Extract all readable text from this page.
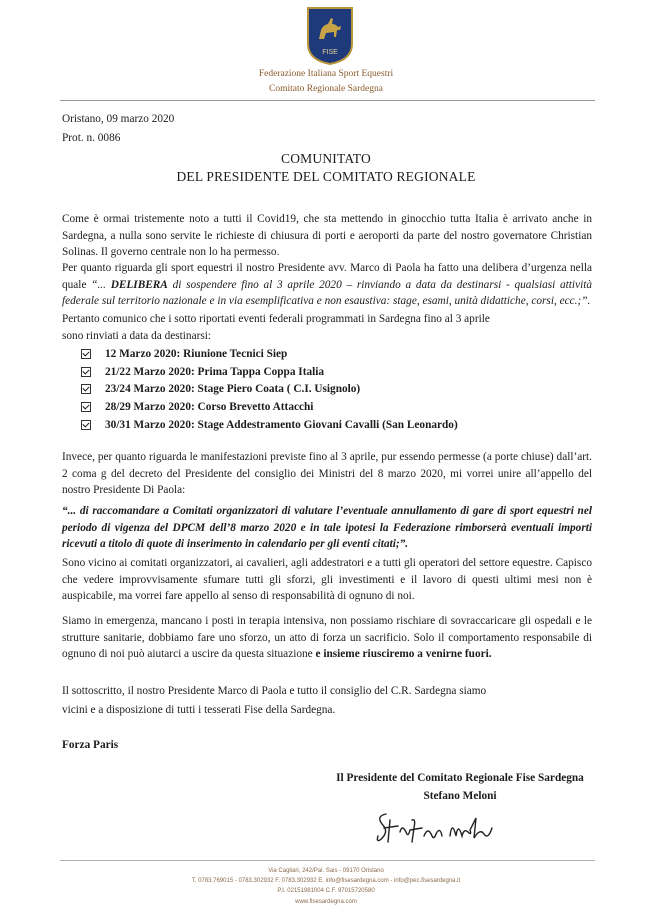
FISE
Federazione Italiana Sport Equestri
Comitato Regionale Sardegna
Oristano, 09 marzo 2020
Prot. n. 0086
COMUNITATO
DEL PRESIDENTE DEL COMITATO REGIONALE

Come è ormai tristemente noto a tutti il Covid19, che sta mettendo in ginocchio tutta Italia è arrivato anche in Sardegna, a nulla sono servite le richieste di chiusura di porti e aeroporti da parte del nostro governatore Christian Solinas. Il governo centrale non lo ha permesso.

Per quanto riguarda gli sport equestri il nostro Presidente avv. Marco di Paola ha fatto una delibera d’urgenza nella quale “... DELIBERA di sospendere fino al 3 aprile 2020 – rinviando a data da destinarsi - qualsiasi attività federale sul territorio nazionale e in via esemplificativa e non esaustiva: stage, esami, unità didattiche, corsi, ecc.;”.

Pertanto comunico che i sotto riportati eventi federali programmati in Sardegna fino al 3 aprile
sono rinviati a data da destinarsi:
12 Marzo 2020: Riunione Tecnici Siep
21/22 Marzo 2020: Prima Tappa Coppa Italia
23/24 Marzo 2020: Stage Piero Coata ( C.I. Usignolo)
28/29 Marzo 2020: Corso Brevetto Attacchi
30/31 Marzo 2020: Stage Addestramento Giovani Cavalli (San Leonardo)

Invece, per quanto riguarda le manifestazioni previste fino al 3 aprile, pur essendo permesse (a porte chiuse) dall’art. 2 coma g del decreto del Presidente del consiglio dei Ministri del 8 marzo 2020, mi vorrei unire all’appello del nostro Presidente Di Paola:

“... di raccomandare a Comitati organizzatori di valutare l’eventuale annullamento di gare di sport equestri nel periodo di vigenza del DPCM dell’8 marzo 2020 e in tale ipotesi la Federazione rimborserà eventuali importi ricevuti a titolo di quote di inserimento in calendario per gli eventi citati;”.

Sono vicino ai comitati organizzatori, ai cavalieri, agli addestratori e a tutti gli operatori del settore equestre. Capisco che vedere improvvisamente sfumare tutti gli sforzi, gli investimenti e il lavoro di questi ultimi mesi non è auspicabile, ma vorrei fare appello al senso di responsabilità di ognuno di noi.

Siamo in emergenza, mancano i posti in terapia intensiva, non possiamo rischiare di sovraccaricare gli ospedali e le strutture sanitarie, dobbiamo fare uno sforzo, un atto di forza un sacrificio. Solo il comportamento responsabile di ognuno di noi può aiutarci a uscire da questa situazione e insieme riusciremo a venirne fuori.

Il sottoscritto, il nostro Presidente Marco di Paola e tutto il consiglio del C.R. Sardegna siamo
vicini e a disposizione di tutti i tesserati Fise della Sardegna.
Forza Paris
Il Presidente del Comitato Regionale Fise Sardegna
Stefano Meloni
Via Cagliari, 242/Pal. Sais - 09170 Oristano
T. 0783.769015 - 0783.302932 F. 0783.302932 E. info@fisesardegna.com - info@pec.fisesardegna.it
P.I. 02151981004 C.F. 97015720580
www.fisesardegna.com
